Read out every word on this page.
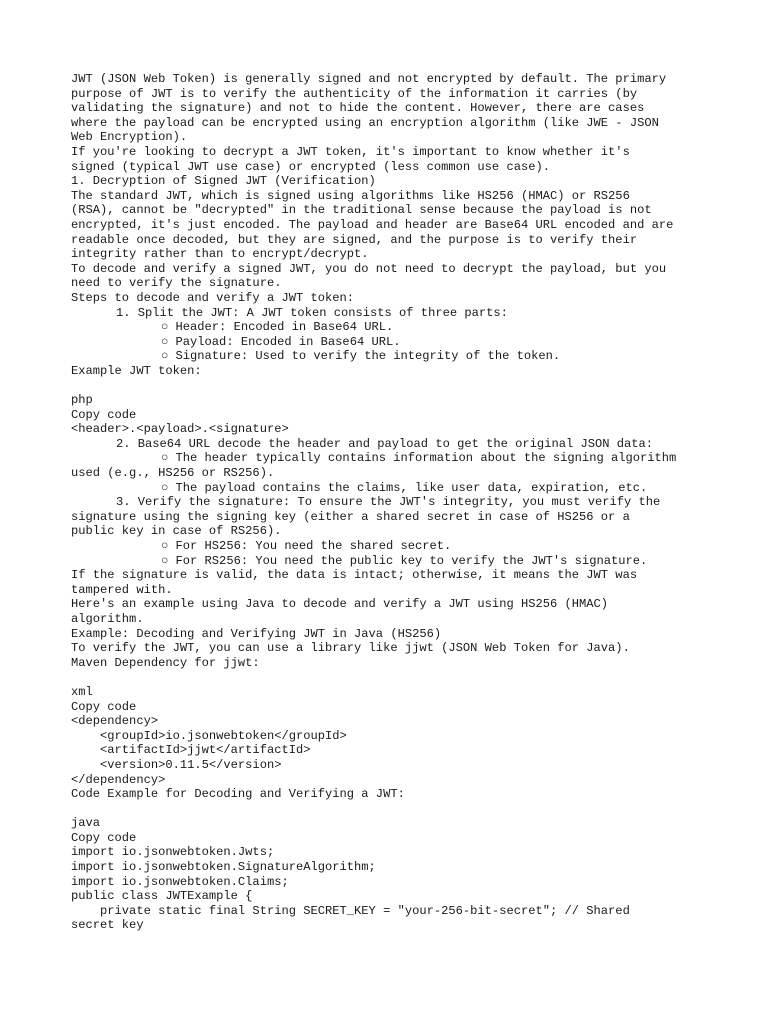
JWT (JSON Web Token) is generally signed and not encrypted by default. The primary
purpose of JWT is to verify the authenticity of the information it carries (by
validating the signature) and not to hide the content. However, there are cases
where the payload can be encrypted using an encryption algorithm (like JWE - JSON
Web Encryption).
If you're looking to decrypt a JWT token, it's important to know whether it's
signed (typical JWT use case) or encrypted (less common use case).
1. Decryption of Signed JWT (Verification)
The standard JWT, which is signed using algorithms like HS256 (HMAC) or RS256
(RSA), cannot be "decrypted" in the traditional sense because the payload is not
encrypted, it's just encoded. The payload and header are Base64 URL encoded and are
readable once decoded, but they are signed, and the purpose is to verify their
integrity rather than to encrypt/decrypt.
To decode and verify a signed JWT, you do not need to decrypt the payload, but you
need to verify the signature.
Steps to decode and verify a JWT token:
1. Split the JWT: A JWT token consists of three parts:
○ Header: Encoded in Base64 URL.
○ Payload: Encoded in Base64 URL.
○ Signature: Used to verify the integrity of the token.
Example JWT token:
php
Copy code
<header>.<payload>.<signature>
2. Base64 URL decode the header and payload to get the original JSON data:
○ The header typically contains information about the signing algorithm
used (e.g., HS256 or RS256).
○ The payload contains the claims, like user data, expiration, etc.
3. Verify the signature: To ensure the JWT's integrity, you must verify the
signature using the signing key (either a shared secret in case of HS256 or a
public key in case of RS256).
○ For HS256: You need the shared secret.
○ For RS256: You need the public key to verify the JWT's signature.
If the signature is valid, the data is intact; otherwise, it means the JWT was
tampered with.
Here's an example using Java to decode and verify a JWT using HS256 (HMAC)
algorithm.
Example: Decoding and Verifying JWT in Java (HS256)
To verify the JWT, you can use a library like jjwt (JSON Web Token for Java).
Maven Dependency for jjwt:
xml
Copy code
<dependency>
<groupId>io.jsonwebtoken</groupId>
<artifactId>jjwt</artifactId>
<version>0.11.5</version>
</dependency>
Code Example for Decoding and Verifying a JWT:
java
Copy code
import io.jsonwebtoken.Jwts;
import io.jsonwebtoken.SignatureAlgorithm;
import io.jsonwebtoken.Claims;
public class JWTExample {
private static final String SECRET_KEY = "your-256-bit-secret"; // Shared
secret key
